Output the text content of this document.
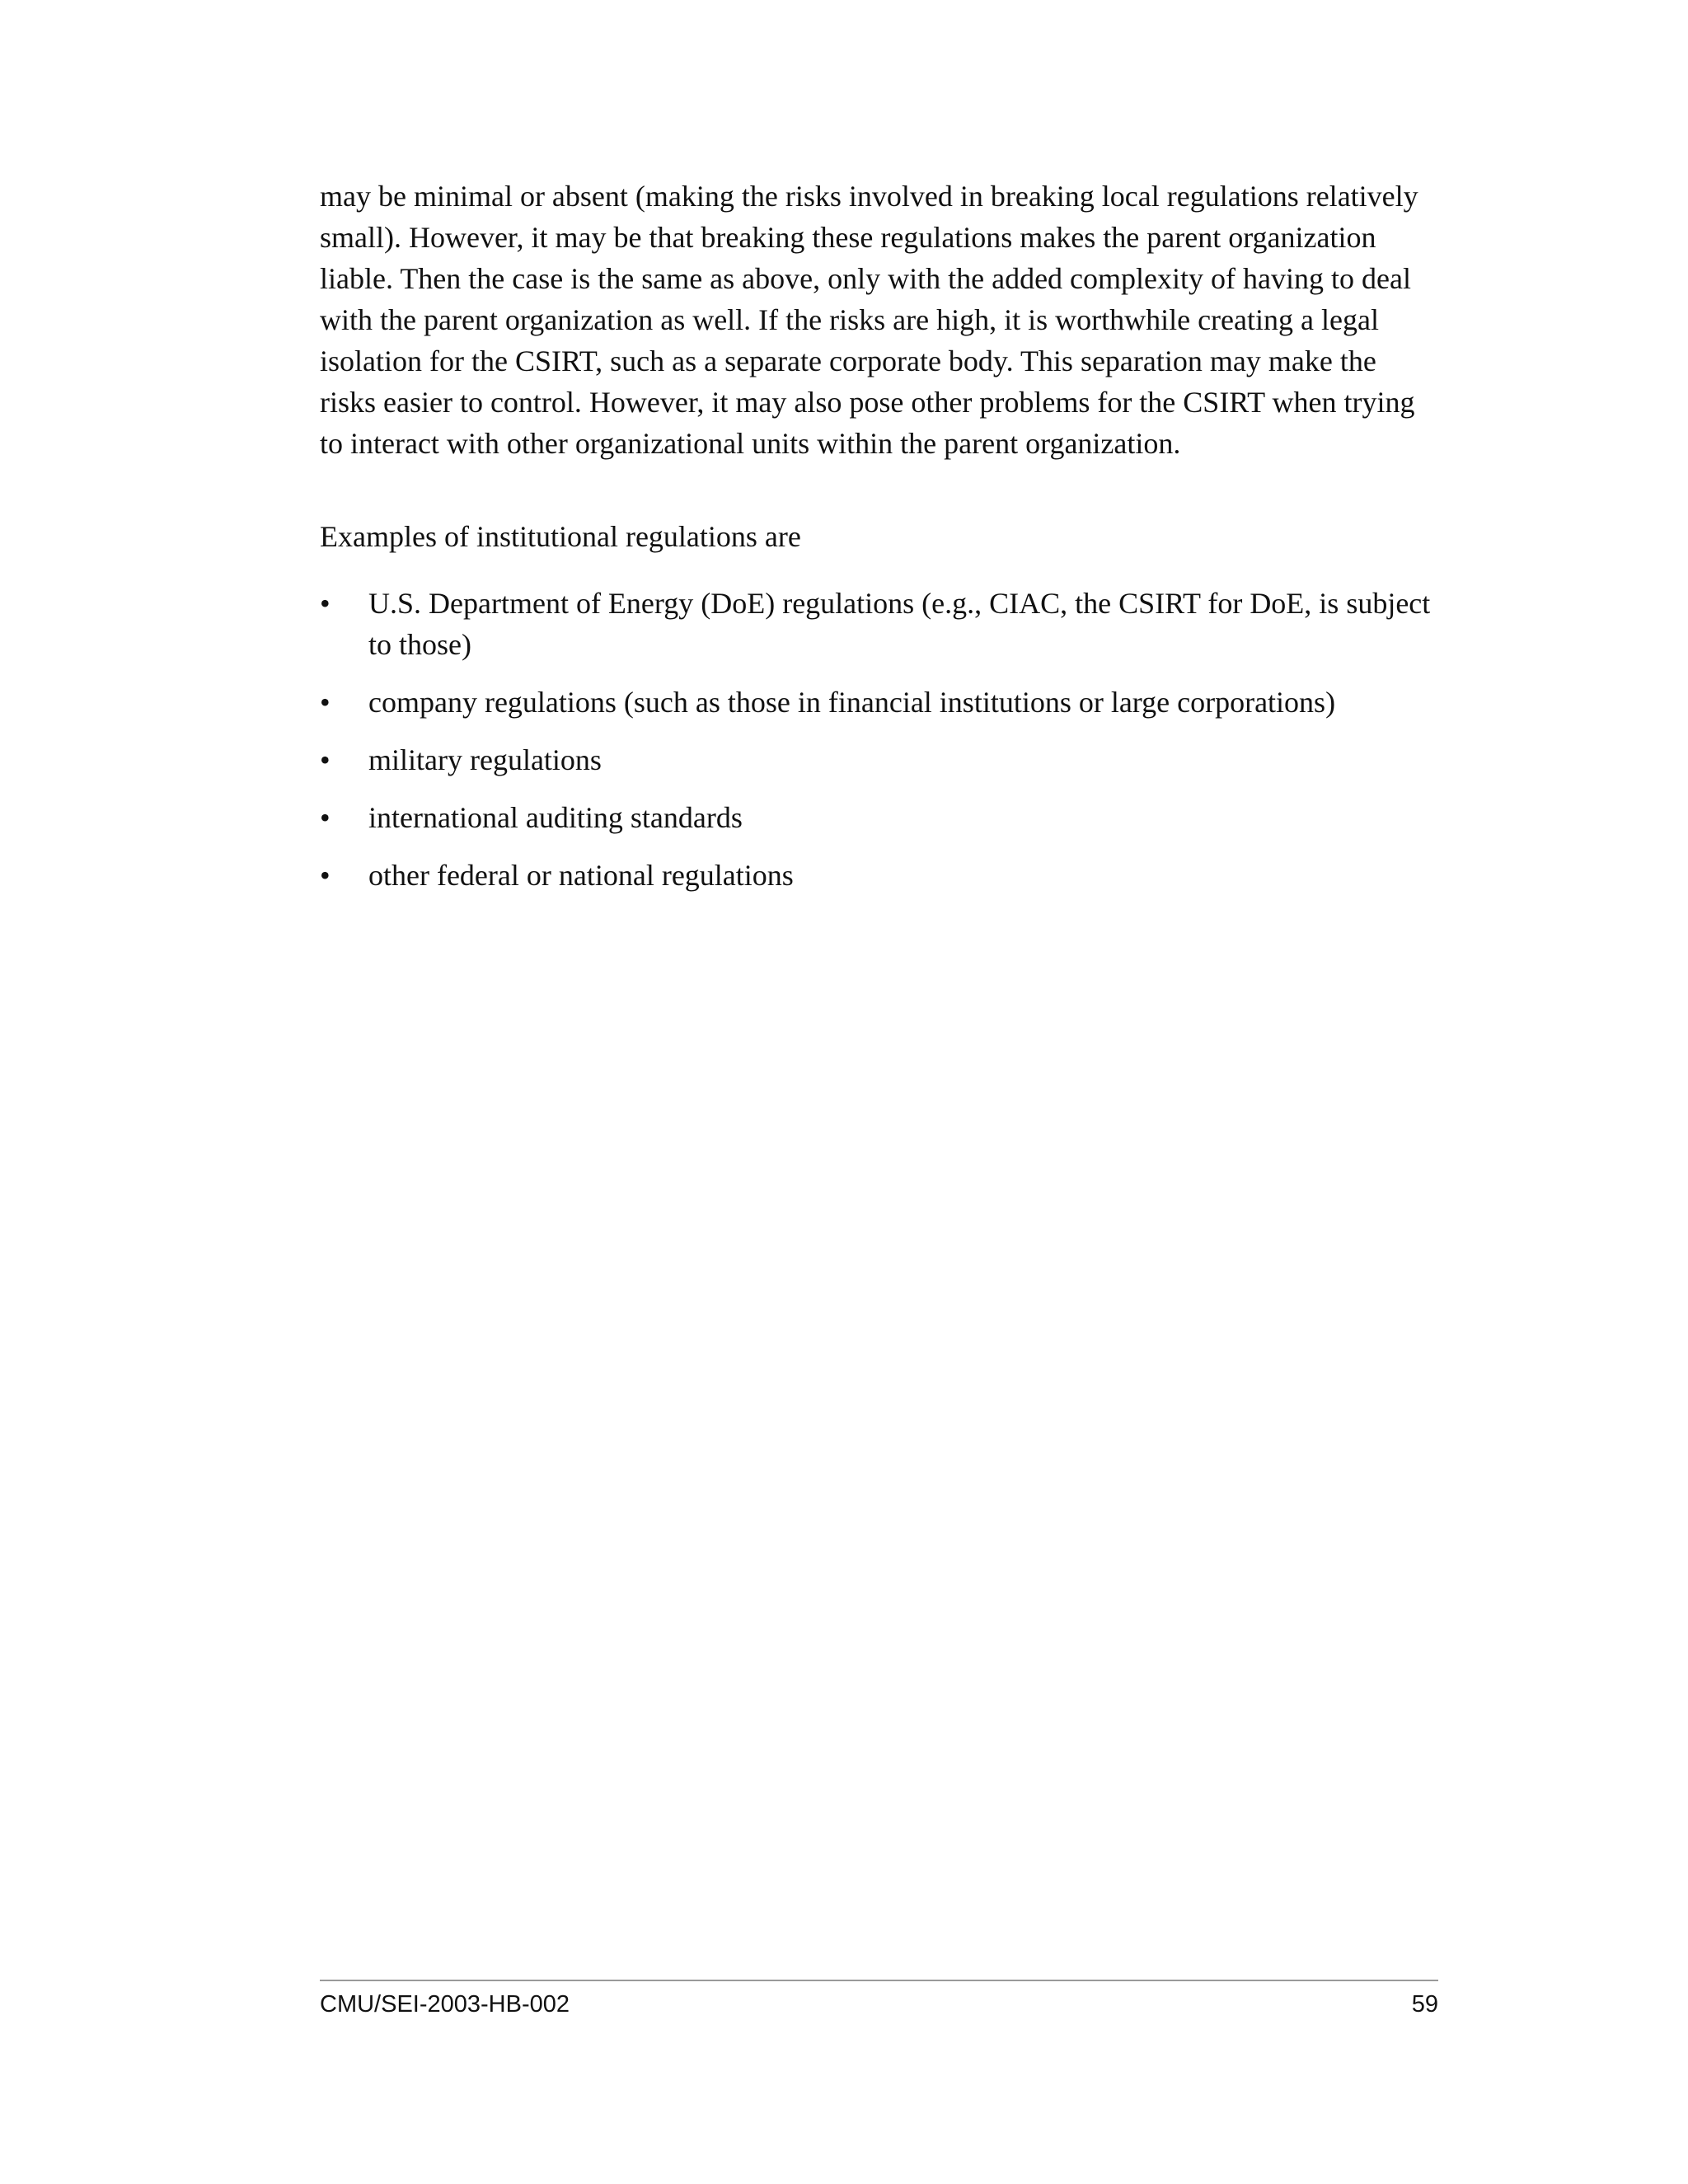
may be minimal or absent (making the risks involved in breaking local regulations relatively
small). However, it may be that breaking these regulations makes the parent organization
liable. Then the case is the same as above, only with the added complexity of having to deal
with the parent organization as well. If the risks are high, it is worthwhile creating a legal
isolation for the CSIRT, such as a separate corporate body. This separation may make the
risks easier to control. However, it may also pose other problems for the CSIRT when trying
to interact with other organizational units within the parent organization.

Examples of institutional regulations are

• U.S. Department of Energy (DoE) regulations (e.g., CIAC, the CSIRT for DoE, is subject
to those)
• company regulations (such as those in financial institutions or large corporations)
• military regulations
• international auditing standards
• other federal or national regulations
CMU/SEI-2003-HB-002	59
